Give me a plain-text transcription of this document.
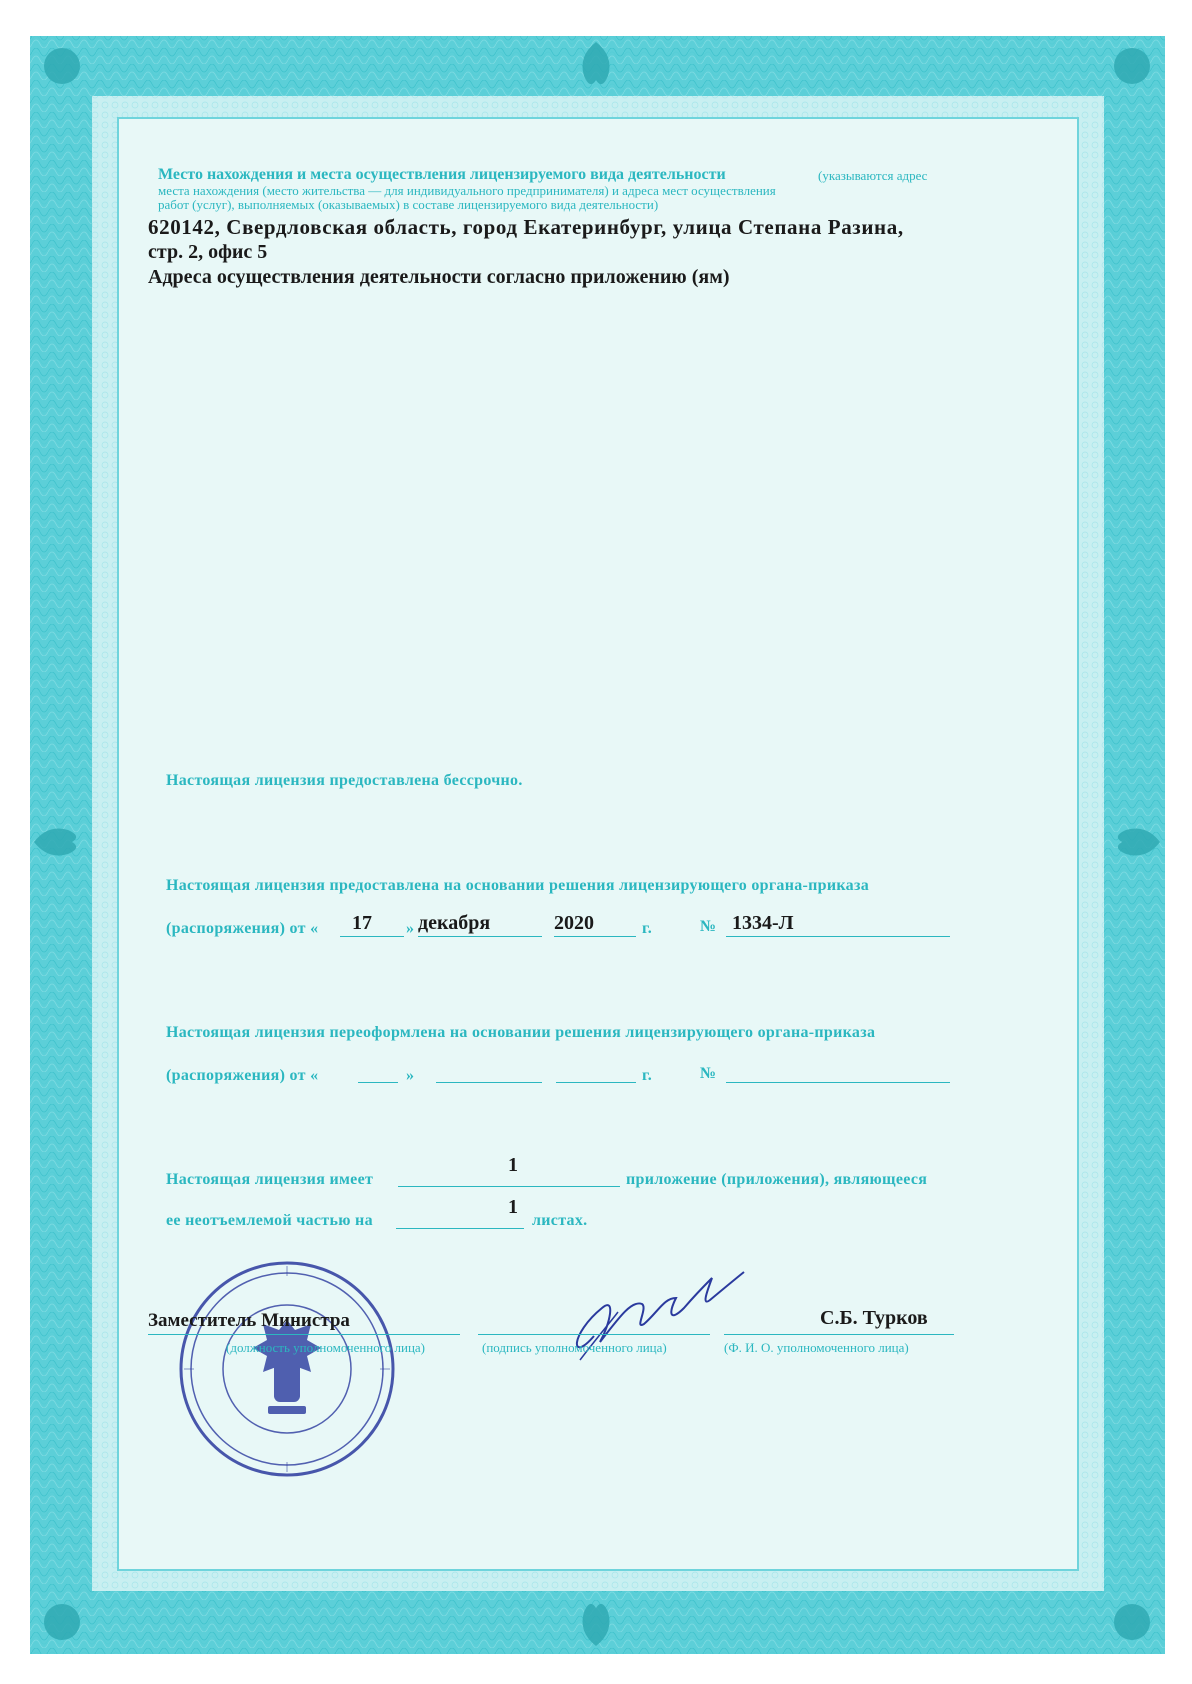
Место нахождения и места осуществления лицензируемого вида деятельности	(указываются адрес
места нахождения (место жительства — для индивидуального предпринимателя) и адреса мест осуществления
работ (услуг), выполняемых (оказываемых) в составе лицензируемого вида деятельности)
620142, Свердловская область, город Екатеринбург, улица Степана Разина,
стр. 2, офис 5
Адреса осуществления деятельности согласно приложению (ям)
Настоящая лицензия предоставлена бессрочно.
Настоящая лицензия предоставлена на основании решения лицензирующего органа-приказа
(распоряжения) от « 17 » декабря	2020	г.	№ 1334-Л
Настоящая лицензия переоформлена на основании решения лицензирующего органа-приказа
(распоряжения) от «	»	г.	№
Настоящая лицензия имеет
1
приложение (приложения), являющееся
ее неотъемлемой частью на
1
листах.
Заместитель Министра
(должность уполномоченного лица)	(подпись уполномоченного лица)
С.Б. Турков
(Ф. И. О. уполномоченного лица)
